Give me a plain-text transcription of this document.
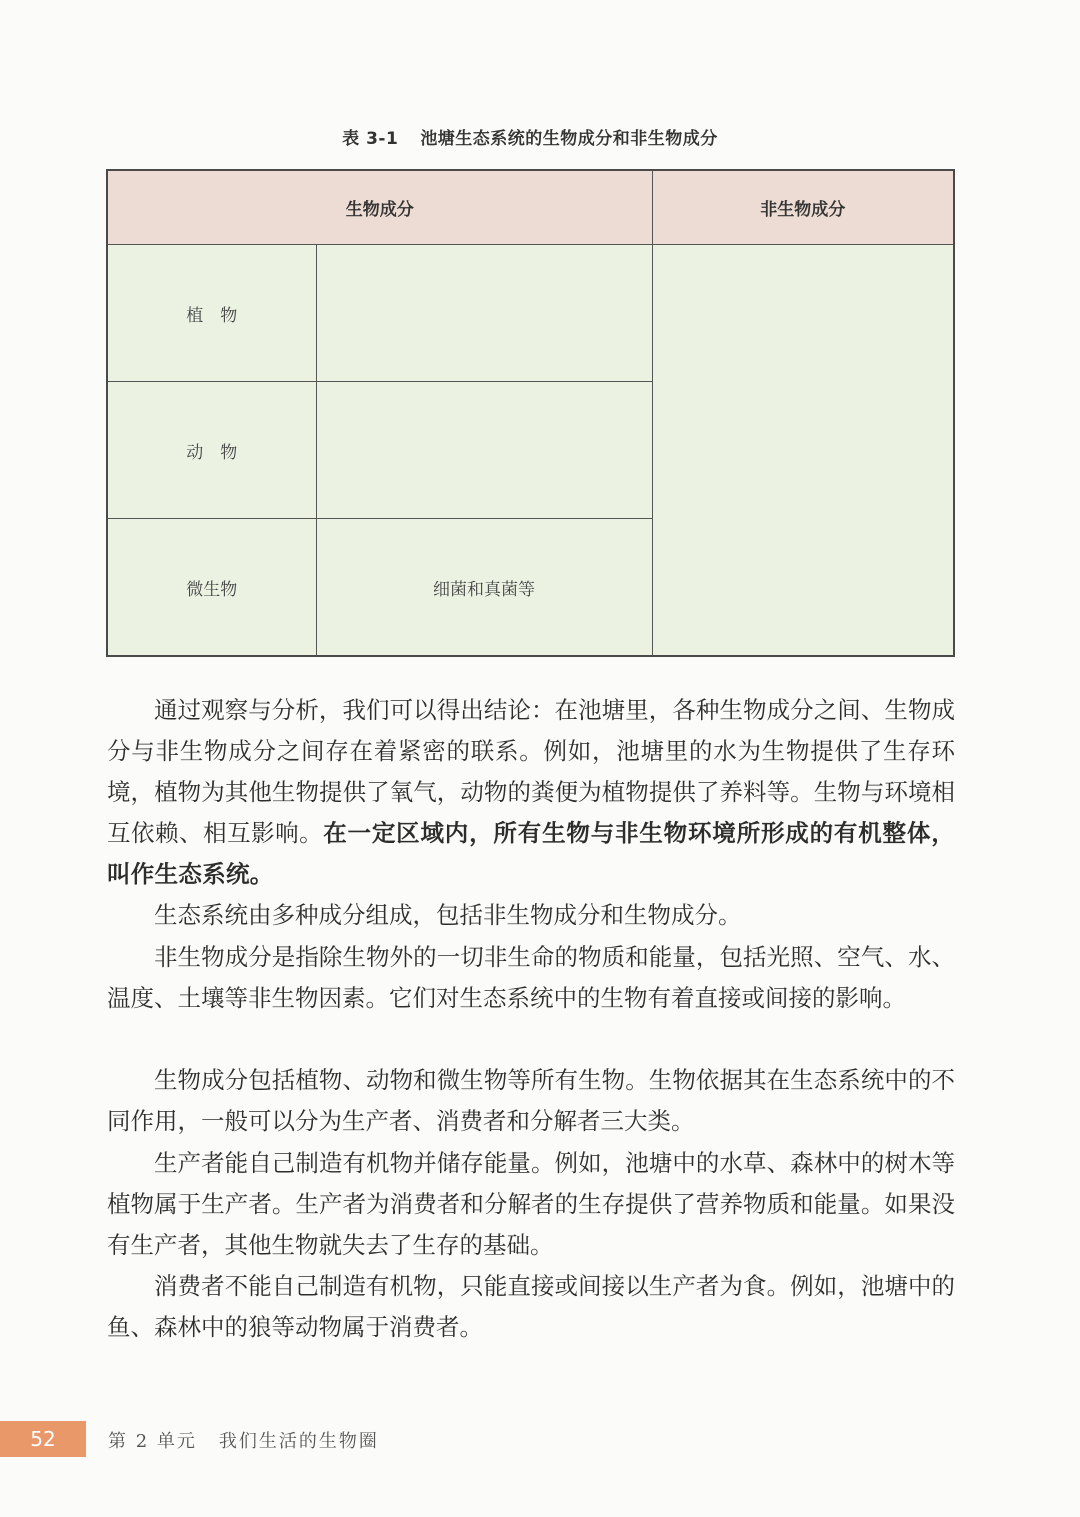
表 3-1 池塘生态系统的生物成分和非生物成分
生物成分		非生物成分
植　物		
动　物		
微生物	细菌和真菌等	

通过观察与分析，我们可以得出结论：在池塘里，各种生物成分之间、生物成分与非生物成分之间存在着紧密的联系。例如，池塘里的水为生物提供了生存环境，植物为其他生物提供了氧气，动物的粪便为植物提供了养料等。生物与环境相互依赖、相互影响。在一定区域内，所有生物与非生物环境所形成的有机整体，叫作生态系统。

生态系统由多种成分组成，包括非生物成分和生物成分。

非生物成分是指除生物外的一切非生命的物质和能量，包括光照、空气、水、温度、土壤等非生物因素。它们对生态系统中的生物有着直接或间接的影响。

生物成分包括植物、动物和微生物等所有生物。生物依据其在生态系统中的不同作用，一般可以分为生产者、消费者和分解者三大类。

生产者能自己制造有机物并储存能量。例如，池塘中的水草、森林中的树木等植物属于生产者。生产者为消费者和分解者的生存提供了营养物质和能量。如果没有生产者，其他生物就失去了生存的基础。

消费者不能自己制造有机物，只能直接或间接以生产者为食。例如，池塘中的鱼、森林中的狼等动物属于消费者。

52	第 2 单元 我们生活的生物圈
